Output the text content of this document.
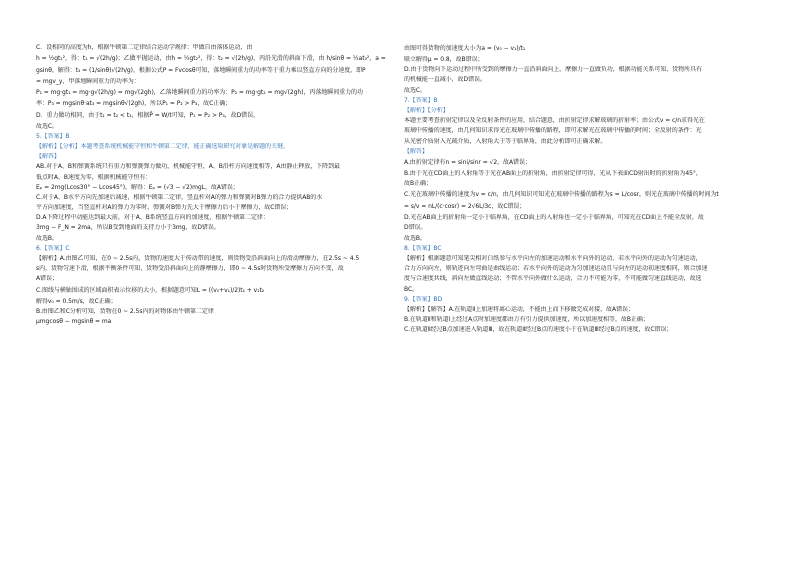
C．设相同的高度为h，根据牛顿第二定律结合运动学规律：甲做自由落体运动，由
h = ½gt₁²，得：t₁ = √(2h/g)；乙做平抛运动，由h = ½gt₂²，得：t₂ = √(2h/g)，丙沿光滑的斜面下滑，由 h/sinθ = ½at₃²，a =
gsinθ，解得：t₃ = (1/sinθ)√(2h/g)，根据公式P = Fvcosθ可知，落地瞬间重力的功率等于重力乘以竖直方向的分速度，即P
= mgv_y，甲落地瞬间重力的功率为：
P₁ = mg·gt₁ = mg·g√(2h/g) = mg√(2gh)，乙落地瞬间重力的功率为：P₂ = mg·gt₂ = mg√(2gh)，丙落地瞬间重力的功
率：P₃ = mgsinθ·at₃ = mgsinθ√(2gh)，所以P₁ = P₂ > P₃，故C正确；
D．重力做功相同，由于t₁ = t₂ < t₃，根据P̄ = W/t可知，P₁ = P₂ > P₃，故D错误。
故选C。
5.【答案】B
【解析】【分析】本题考查系统机械能守恒和牛顿第二定律，能正确选取研究对象是解题的关键。
【解答】
AB.对于A、B和弹簧系统只有重力和弹簧弹力做功，机械能守恒，A、B沿杆方向速度相等，A由静止释放，下降到最
低点时A、B速度为零，根据机械能守恒有：
Eₚ = 2mg(Lcos30° − Lcos45°)，解得：Eₚ = (√3 − √2)mgL，故A错误；
C.对于A、B水平方向先加速后减速，根据牛顿第二定律，竖直杆对A的弹力和弹簧对B弹力的合力提供AB的水
平方向加速度，当竖直杆对A的弹力为零时，弹簧对B弹力先大于摩擦力后小于摩擦力，故C错误；
D.A下降过程中动能达到最大前，对于A、B系统竖直方向的加速度，根据牛顿第二定律：
3mg − F_N = 2ma，所以B受到地面的支持力小于3mg，故D错误。
故选B。
6.【答案】C
【解析】A.由图乙可知，在0 ~ 2.5s内，货物的速度大于传动带的速度，则货物受沿斜面向上的滑动摩擦力，在2.5s ~ 4.5
s内，货物匀速下滑，根据平衡条件可知，货物受沿斜面向上的静摩擦力，即0 ~ 4.5s时货物所受摩擦力方向不变，故
A错误；
C.图线与横轴围成的区域面积表示位移的大小，根据题意可知L = ((v₀+v₁)/2)t₁ + v₁t₂
解得v₀ = 0.5m/s，故C正确；
B.由图乙和C分析可知，货物在0 ~ 2.5s内的对物体由牛顿第二定律
μmgcosθ − mgsinθ = ma
由图可得货物的加速度大小为a = (v₀ − v₁)/t₁
联立解得μ = 0.8，故B错误；
D.由于货物向下运动过程中所受到的摩擦力一直沿斜面向上，摩擦力一直做负功，根据功能关系可知，货物所具有
的机械能一直减小，故D错误。
故选C。
7.【答案】B
【解析】【分析】
本题主要考查折射定律以及全反射条件的应用，结合题意，由折射定律求解玻璃的折射率；由公式v = c/n求得光在
玻璃中传播的速度，由几何知识求得光在玻璃中传播的路程，即可求解光在玻璃中传播的时间；全反射的条件：光
从光密介质射入光疏介质，入射角大于等于临界角，由此分析即可正确求解。
【解答】
A.由折射定律有n = sini/sinr = √2，故A错误；
B.由于光在CD面上的入射角等于光在AB面上的折射角，由折射定律可得，光从下表面CD射出时的折射角为45°，
故B正确；
C.光在玻璃中传播的速度为v = c/n，由几何知识可知光在玻璃中传播的路程为s = L/cosr，则光在玻璃中传播的时间为t
= s/v = nL/(c·cosr) = 2√6L/3c，故C错误；
D.光在AB面上的折射角一定小于临界角，在CD面上的入射角也一定小于临界角，可知光在CD面上不能全反射，故
D错误。
故选B。
8.【答案】BC
【解析】根据题意可知笔尖相对白纸参与水平向左的加速运动和水平向外的运动，若水平向外的运动为匀速运动，
合力方向向左，则轨迹向左弯曲是曲线运动；若水平向外的运动为匀加速运动且与向左的运动初速度相同，则合加速
度与合速度共线，斜向左做直线运动；不管水平向外做什么运动，合力不可能为零，不可能做匀速直线运动，故选
BC。
9.【答案】BD
【解析】【解答】A.在轨道Ⅱ上加速将离心运动，不能由上而下移做完成对接，故A错误；
B.在轨道Ⅱ和轨道Ⅰ上经过A点时加速度都由万有引力提供加速度，所以加速度相等，故B正确；
C.在轨道Ⅱ经过B点加速进入轨道Ⅲ，故在轨道Ⅱ经过B点的速度小于在轨道Ⅲ经过B点的速度，故C错误；
